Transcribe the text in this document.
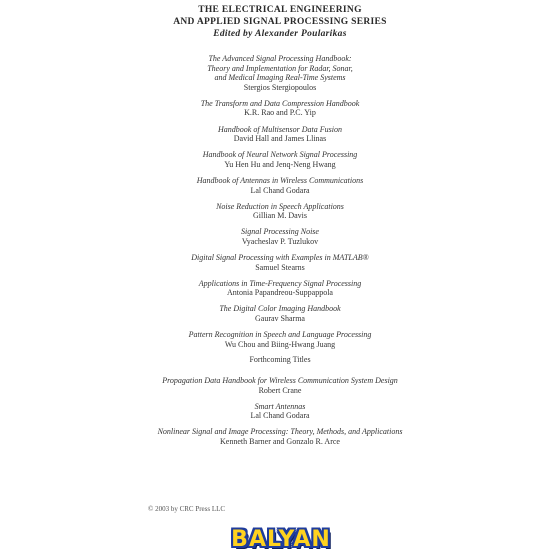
THE ELECTRICAL ENGINEERING
AND APPLIED SIGNAL PROCESSING SERIES
Edited by Alexander Poularikas
The Advanced Signal Processing Handbook:
Theory and Implementation for Radar, Sonar,
and Medical Imaging Real-Time Systems
Stergios Stergiopoulos
The Transform and Data Compression Handbook
K.R. Rao and P.C. Yip
Handbook of Multisensor Data Fusion
David Hall and James Llinas
Handbook of Neural Network Signal Processing
Yu Hen Hu and Jenq-Neng Hwang
Handbook of Antennas in Wireless Communications
Lal Chand Godara
Noise Reduction in Speech Applications
Gillian M. Davis
Signal Processing Noise
Vyacheslav P. Tuzlukov
Digital Signal Processing with Examples in MATLAB®
Samuel Stearns
Applications in Time-Frequency Signal Processing
Antonia Papandreou-Suppappola
The Digital Color Imaging Handbook
Gaurav Sharma
Pattern Recognition in Speech and Language Processing
Wu Chou and Biing-Hwang Juang
Forthcoming Titles
Propagation Data Handbook for Wireless Communication System Design
Robert Crane
Smart Antennas
Lal Chand Godara
Nonlinear Signal and Image Processing: Theory, Methods, and Applications
Kenneth Barner and Gonzalo R. Arce
© 2003 by CRC Press LLC
BALYAN
